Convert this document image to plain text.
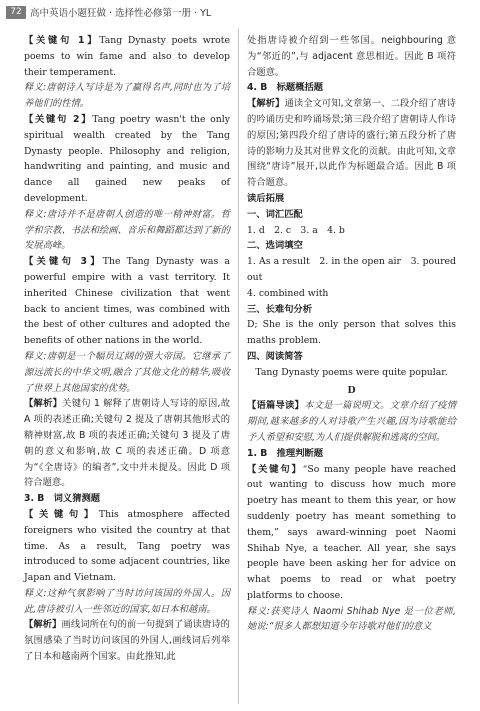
72 高中英语小题狂做 · 选择性必修第一册 · YL

【关键句 1】Tang Dynasty poets wrote poems to win fame and also to develop their temperament.

释义:唐朝诗人写诗是为了赢得名声,同时也为了培养他们的性情。

【关键句 2】Tang poetry wasn't the only spiritual wealth created by the Tang Dynasty people. Philosophy and religion, handwriting and painting, and music and dance all gained new peaks of development.

释义:唐诗并不是唐朝人创造的唯一精神财富。哲学和宗教、书法和绘画、音乐和舞蹈都达到了新的发展高峰。

【关键句 3】The Tang Dynasty was a powerful empire with a vast territory. It inherited Chinese civilization that went back to ancient times, was combined with the best of other cultures and adopted the benefits of other nations in the world.

释义:唐朝是一个幅员辽阔的强大帝国。它继承了源远流长的中华文明,融合了其他文化的精华,吸收了世界上其他国家的优势。

【解析】关键句 1 解释了唐朝诗人写诗的原因,故 A 项的表述正确;关键句 2 提及了唐朝其他形式的精神财富,故 B 项的表述正确;关键句 3 提及了唐朝的意义和影响,故 C 项的表述正确。D 项意为“《全唐诗》的编者”,文中并未提及。因此 D 项符合题意。

3. B　词义猜测题

【关键句】This atmosphere affected foreigners who visited the country at that time. As a result, Tang poetry was introduced to some adjacent countries, like Japan and Vietnam.

释义:这种气氛影响了当时访问该国的外国人。因此,唐诗被引入一些邻近的国家,如日本和越南。

【解析】画线词所在句的前一句提到了诵读唐诗的氛围感染了当时访问该国的外国人,画线词后列举了日本和越南两个国家。由此推知,此

处指唐诗被介绍到一些邻国。neighbouring 意为“邻近的”,与 adjacent 意思相近。因此 B 项符合题意。

4. B　标题概括题

【解析】通读全文可知,文章第一、二段介绍了唐诗的吟诵历史和吟诵场景;第三段介绍了唐朝诗人作诗的原因;第四段介绍了唐诗的盛行;第五段分析了唐诗的影响力及其对世界文化的贡献。由此可知,文章围绕“唐诗”展开,以此作为标题最合适。因此 B 项符合题意。

读后拓展

一、词汇匹配

1. d　2. c　3. a　4. b

二、选词填空

1. As a result　2. in the open air　3. poured out

4. combined with

三、长难句分析

D; She is the only person that solves this maths problem.

四、阅读简答

Tang Dynasty poems were quite popular.

D

【语篇导读】本文是一篇说明文。文章介绍了疫情期间,越来越多的人对诗歌产生兴趣,因为诗歌能给予人希望和安慰,为人们提供解脱和逃离的空间。

1. B　推理判断题

【关键句】“So many people have reached out wanting to discuss how much more poetry has meant to them this year, or how suddenly poetry has meant something to them,” says award-winning poet Naomi Shihab Nye, a teacher. All year, she says people have been asking her for advice on what poems to read or what poetry platforms to choose.

释义:获奖诗人 Naomi Shihab Nye 是一位老师,她说:“很多人都想知道今年诗歌对他们的意义
